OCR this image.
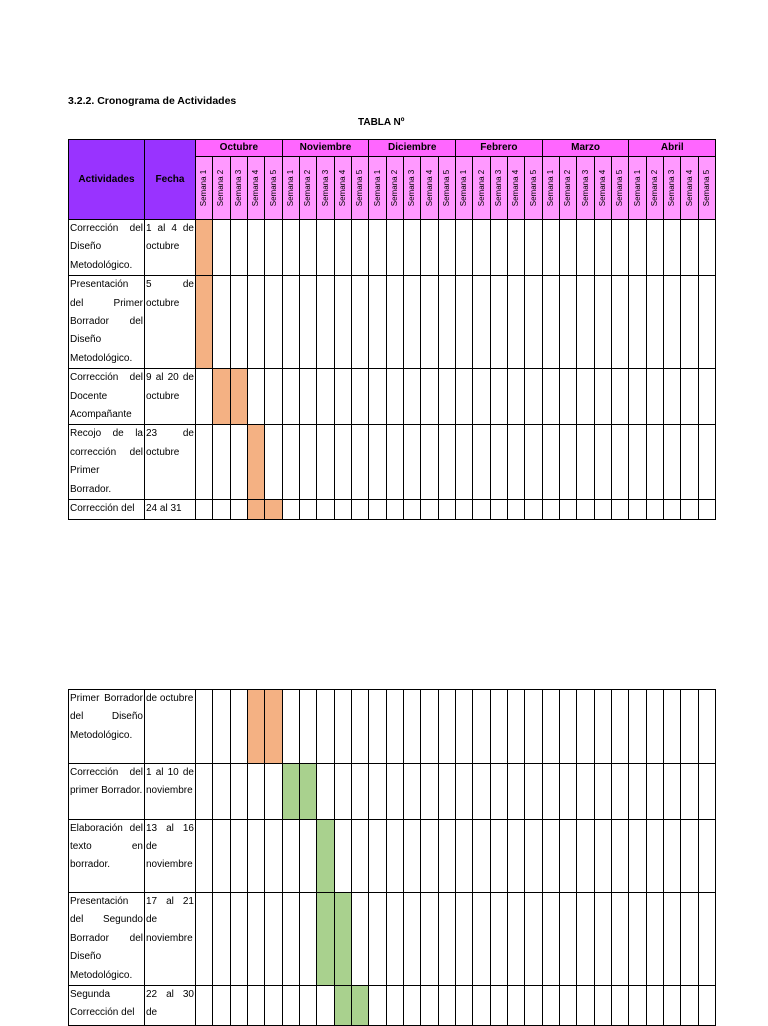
3.2.2. Cronograma de Actividades
TABLA Nº
Actividades	Fecha	Octubre					Noviembre					Diciembre					Febrero					Marzo					Abril				

		Semana 1	Semana 2	Semana 3	Semana 4	Semana 5	Semana 1	Semana 2	Semana 3	Semana 4	Semana 5	Semana 1	Semana 2	Semana 3	Semana 4	Semana 5	Semana 1	Semana 2	Semana 3	Semana 4	Semana 5	Semana 1	Semana 2	Semana 3	Semana 4	Semana 5	Semana 1	Semana 2	Semana 3	Semana 4	Semana 5

Corrección del Diseño Metodológico.	1 al 4 de octubre																														
Presentación del Primer Borrador del Diseño Metodológico.	5 de octubre																														
Corrección del Docente Acompañante	9 al 20 de octubre																														
Recojo de la corrección del Primer Borrador.	23 de octubre																														
Corrección del	24 al 31																														
Primer Borrador del Diseño Metodológico.	de octubre																														
Corrección del primer Borrador.	1 al 10 de noviembre																														
Elaboración del texto en borrador.	13 al 16 de noviembre																														
Presentación del Segundo Borrador del Diseño Metodológico.	17 al 21 de noviembre																														
Segunda Corrección del	22 al 30 de																														
